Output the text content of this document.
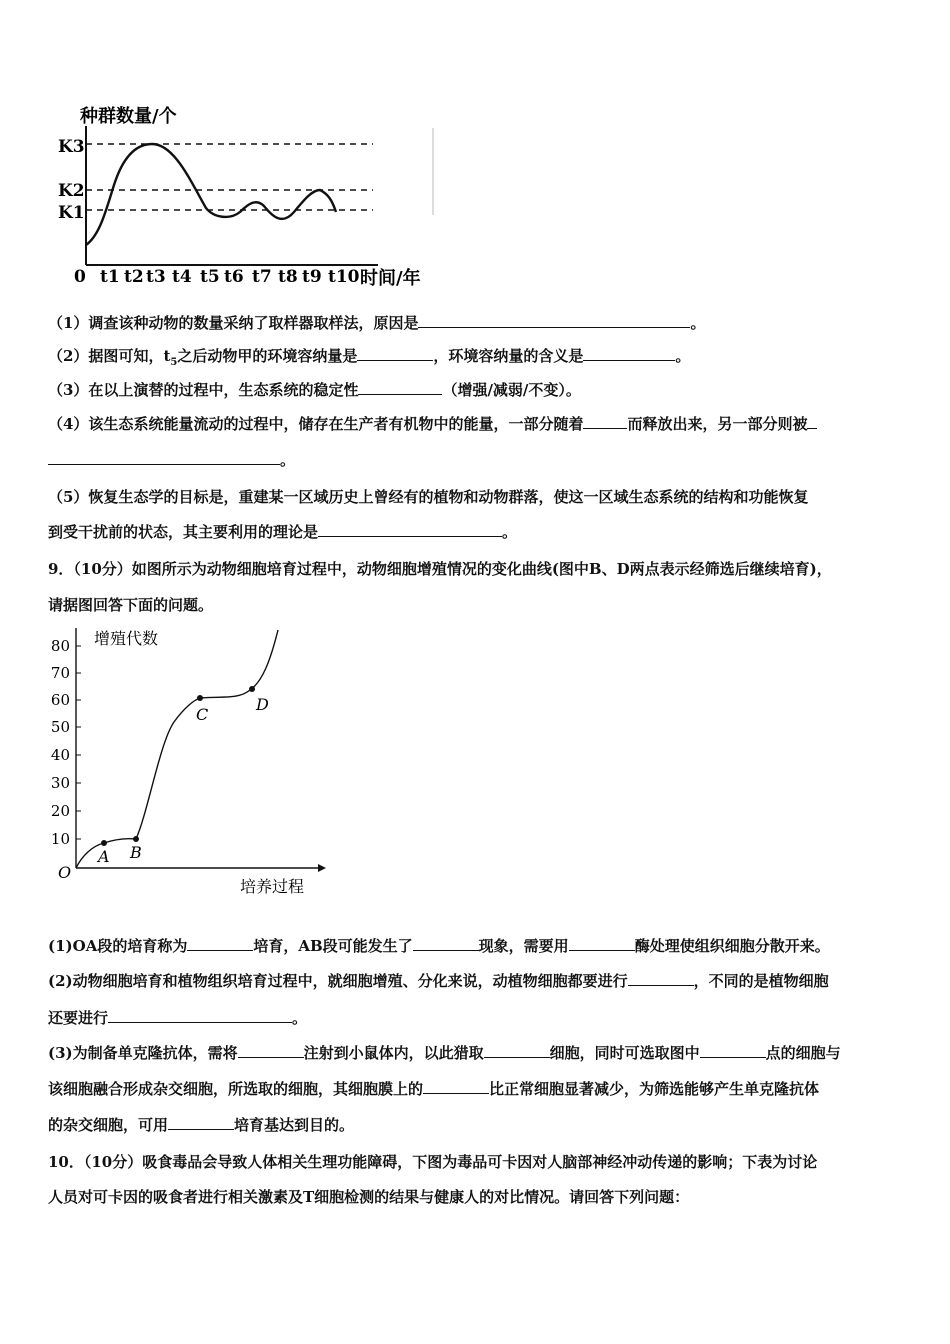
种群数量/个
K3
K2
K1
0 t1 t2 t3 t4 t5 t6 t7 t8 t9 t10 时间/年
（1）调查该种动物的数量采纳了取样器取样法，原因是	。
（2）据图可知，$t_5$之后动物甲的环境容纳量是	，环境容纳量的含义是	。
（3）在以上演替的过程中，生态系统的稳定性	（增强/减弱/不变）。
（4）该生态系统能量流动的过程中，储存在生产者有机物中的能量，一部分随着	而释放出来，另一部分则被
。
（5）恢复生态学的目标是，重建某一区域历史上曾经有的植物和动物群落，使这一区域生态系统的结构和功能恢复
到受干扰前的状态，其主要利用的理论是	。
9．（10分）如图所示为动物细胞培育过程中，动物细胞增殖情况的变化曲线(图中B、D两点表示经筛选后继续培育)，
请据图回答下面的问题。
增殖代数
80
70
60
50
40
30
20
10
O
A B
C
D
培养过程
(1)OA段的培育称为	培育，AB段可能发生了	现象，需要用	酶处理使组织细胞分散开来。
(2)动物细胞培育和植物组织培育过程中，就细胞增殖、分化来说，动植物细胞都要进行	，不同的是植物细胞
还要进行	。
(3)为制备单克隆抗体，需将	注射到小鼠体内，以此猎取	细胞，同时可选取图中	点的细胞与
该细胞融合形成杂交细胞，所选取的细胞，其细胞膜上的	比正常细胞显著减少，为筛选能够产生单克隆抗体
的杂交细胞，可用	培育基达到目的。
10．（10分）吸食毒品会导致人体相关生理功能障碍，下图为毒品可卡因对人脑部神经冲动传递的影响；下表为讨论
人员对可卡因的吸食者进行相关激素及T细胞检测的结果与健康人的对比情况。请回答下列问题：
